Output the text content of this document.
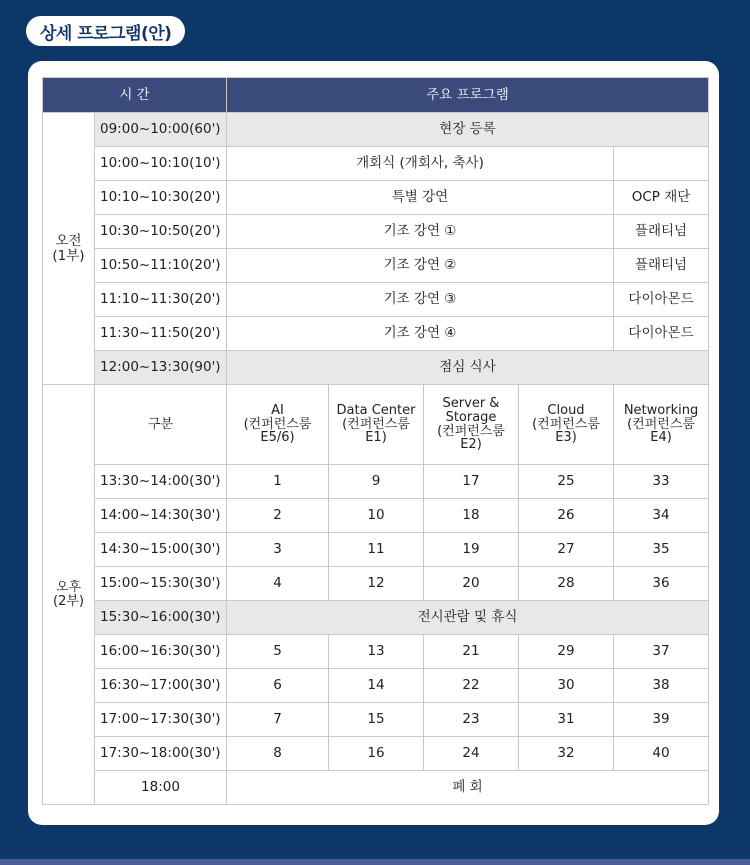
상세 프로그램(안)
시 간		주요 프로그램				
오전
(1부)	09:00~10:00(60')	현장 등록				
	10:00~10:10(10')	개회식 (개회사, 축사)				
	10:10~10:30(20')	특별 강연				OCP 재단
	10:30~10:50(20')	기조 강연 ①				플래티넘
	10:50~11:10(20')	기조 강연 ②				플래티넘
	11:10~11:30(20')	기조 강연 ③				다이아몬드
	11:30~11:50(20')	기조 강연 ④				다이아몬드
	12:00~13:30(90')	점심 식사				
오후
(2부)	구분	AI
(컨퍼런스룸
E5/6)	Data Center
(컨퍼런스룸
E1)	Server &
Storage
(컨퍼런스룸
E2)	Cloud
(컨퍼런스룸
E3)	Networking
(컨퍼런스룸
E4)
	13:30~14:00(30')	1	9	17	25	33
	14:00~14:30(30')	2	10	18	26	34
	14:30~15:00(30')	3	11	19	27	35
	15:00~15:30(30')	4	12	20	28	36
	15:30~16:00(30')	전시관람 및 휴식				
	16:00~16:30(30')	5	13	21	29	37
	16:30~17:00(30')	6	14	22	30	38
	17:00~17:30(30')	7	15	23	31	39
	17:30~18:00(30')	8	16	24	32	40
	18:00	폐 회				
